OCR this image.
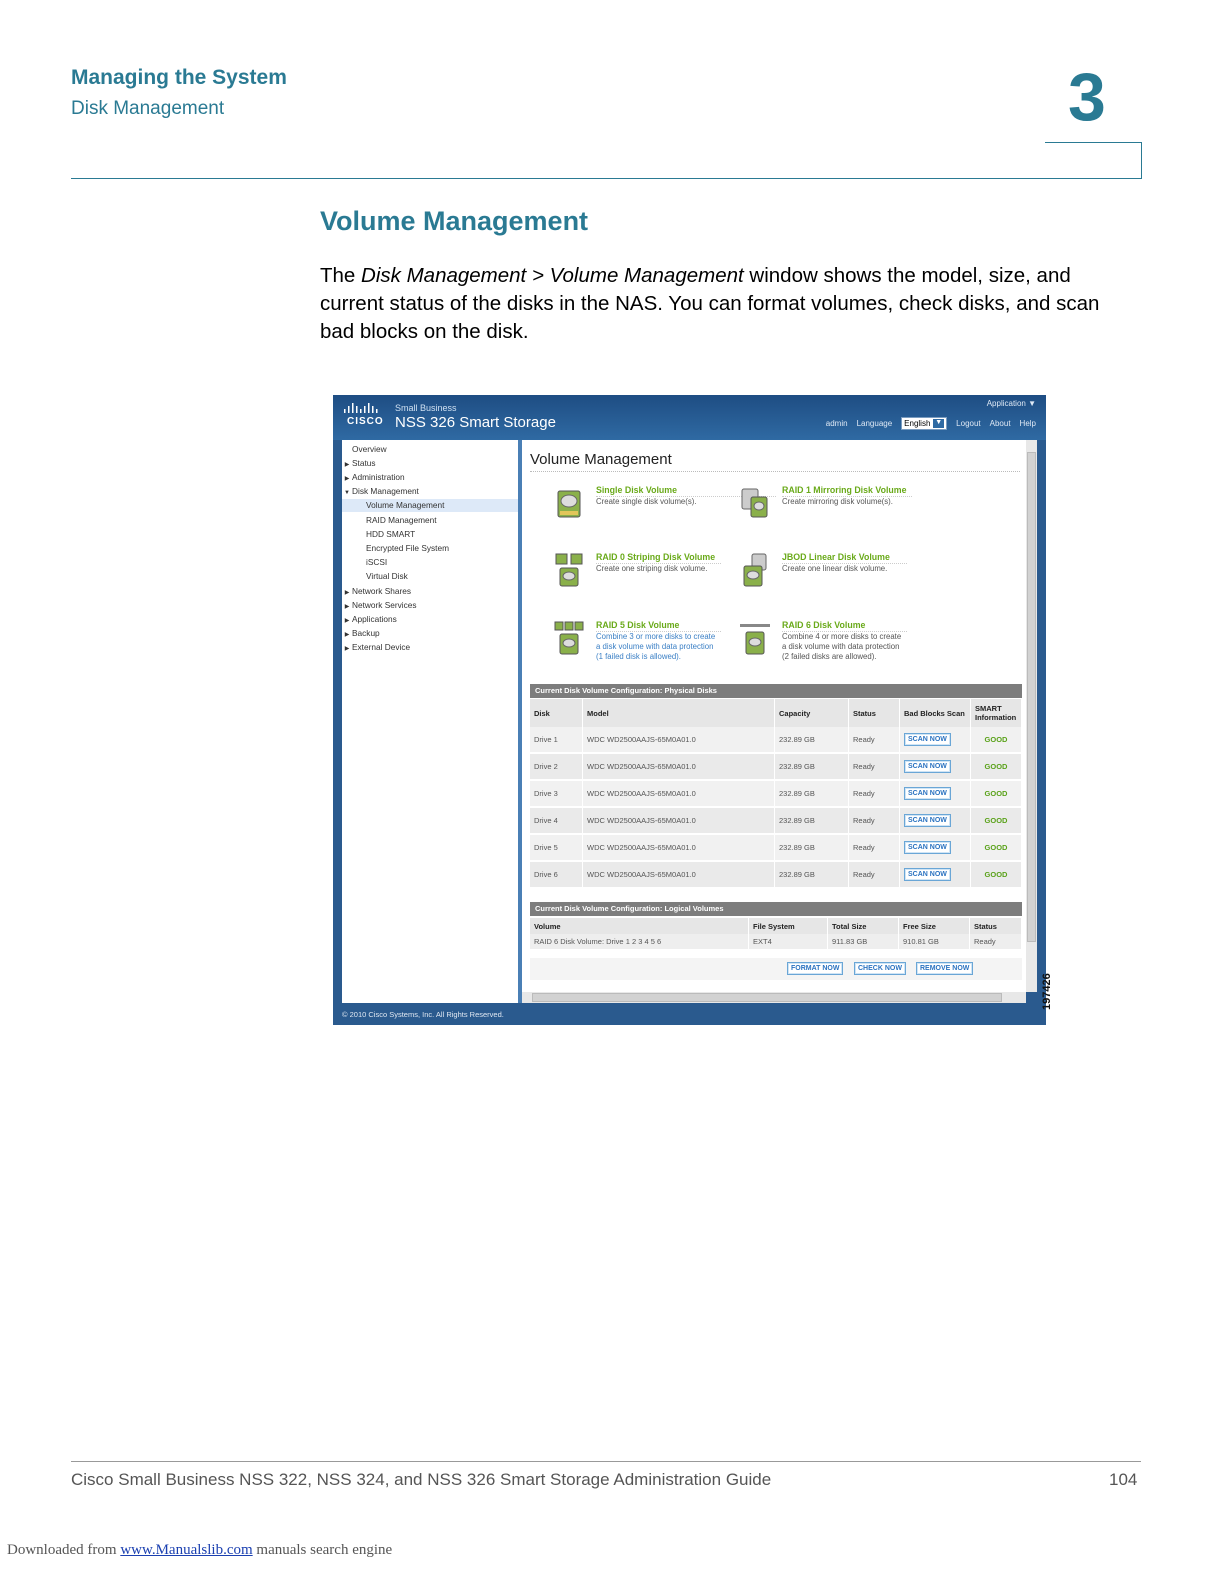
Managing the System
Disk Management	3
Volume Management

The Disk Management > Volume Management window shows the model, size, and current status of the disks in the NAS. You can format volumes, check disks, and scan bad blocks on the disk.

CISCO
Small Business
NSS 326 Smart Storage
Application ▼
admin Language English ▼ Logout About Help
Overview
▶ Status
▶ Administration
▼ Disk Management
Volume Management
RAID Management
HDD SMART
Encrypted File System
iSCSI
Virtual Disk
▶ Network Shares
▶ Network Services
▶ Applications
▶ Backup
▶ External Device
Volume Management
Single Disk Volume
Create single disk volume(s).
RAID 1 Mirroring Disk Volume
Create mirroring disk volume(s).
RAID 0 Striping Disk Volume
Create one striping disk volume.
JBOD Linear Disk Volume
Create one linear disk volume.
RAID 5 Disk Volume
Combine 3 or more disks to create a disk volume with data protection (1 failed disk is allowed).
RAID 6 Disk Volume
Combine 4 or more disks to create a disk volume with data protection (2 failed disks are allowed).
Current Disk Volume Configuration: Physical Disks
Disk	Model	Capacity	Status	Bad Blocks Scan	SMART Information
Drive 1	WDC WD2500AAJS-65M0A01.0	232.89 GB	Ready	SCAN NOW	GOOD
Drive 2	WDC WD2500AAJS-65M0A01.0	232.89 GB	Ready	SCAN NOW	GOOD
Drive 3	WDC WD2500AAJS-65M0A01.0	232.89 GB	Ready	SCAN NOW	GOOD
Drive 4	WDC WD2500AAJS-65M0A01.0	232.89 GB	Ready	SCAN NOW	GOOD
Drive 5	WDC WD2500AAJS-65M0A01.0	232.89 GB	Ready	SCAN NOW	GOOD
Drive 6	WDC WD2500AAJS-65M0A01.0	232.89 GB	Ready	SCAN NOW	GOOD
Current Disk Volume Configuration: Logical Volumes
Volume	File System	Total Size	Free Size	Status
RAID 6 Disk Volume: Drive 1 2 3 4 5 6	EXT4	911.83 GB	910.81 GB	Ready
FORMAT NOW	CHECK NOW	REMOVE NOW
© 2010 Cisco Systems, Inc. All Rights Reserved.
197426
Cisco Small Business NSS 322, NSS 324, and NSS 326 Smart Storage Administration Guide	104
Downloaded from www.Manualslib.com manuals search engine
